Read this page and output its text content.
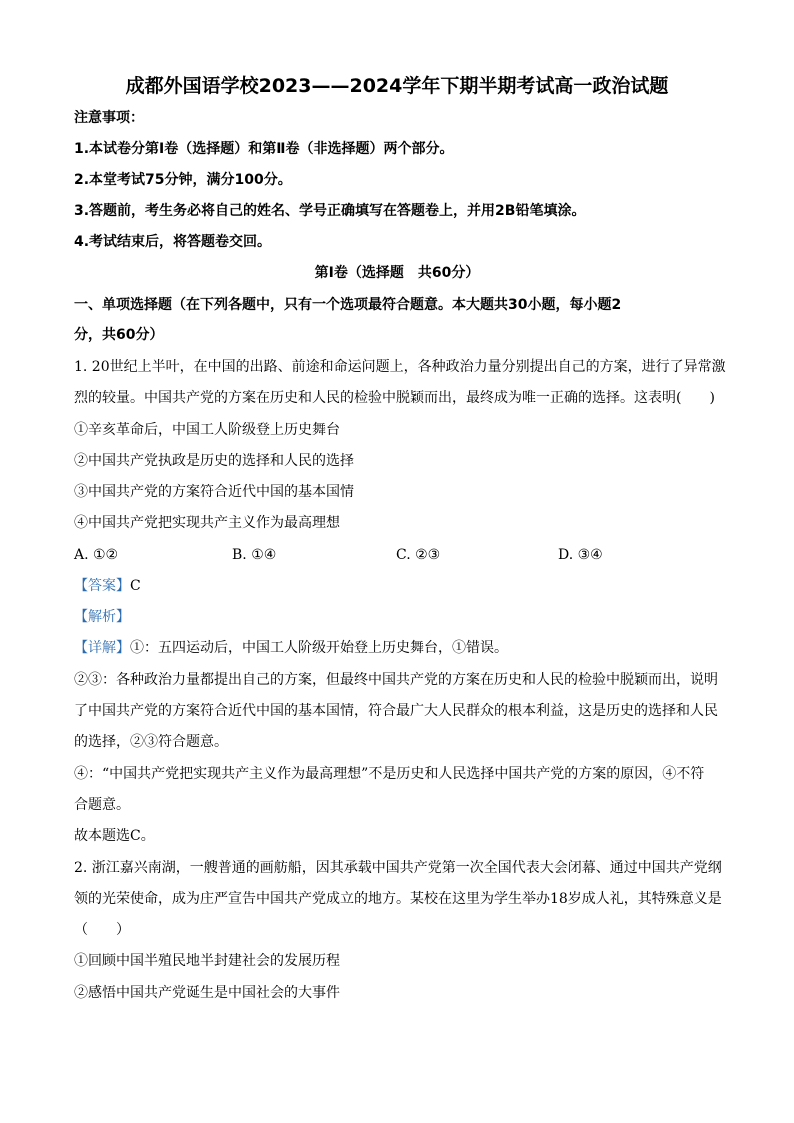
成都外国语学校2023——2024学年下期半期考试高一政治试题
注意事项：
1.本试卷分第Ⅰ卷（选择题）和第Ⅱ卷（非选择题）两个部分。
2.本堂考试75分钟，满分100分。
3.答题前，考生务必将自己的姓名、学号正确填写在答题卷上，并用2B铅笔填涂。
4.考试结束后，将答题卷交回。
第Ⅰ卷（选择题　共60分）
一、单项选择题（在下列各题中，只有一个选项最符合题意。本大题共30小题，每小题2
分，共60分）
1. 20世纪上半叶，在中国的出路、前途和命运问题上，各种政治力量分别提出自己的方案，进行了异常激
烈的较量。中国共产党的方案在历史和人民的检验中脱颖而出，最终成为唯一正确的选择。这表明(　　)
①辛亥革命后，中国工人阶级登上历史舞台
②中国共产党执政是历史的选择和人民的选择
③中国共产党的方案符合近代中国的基本国情
④中国共产党把实现共产主义作为最高理想
A. ①②	B. ①④	C. ②③	D. ③④
【答案】C
【解析】
【详解】①：五四运动后，中国工人阶级开始登上历史舞台，①错误。
②③：各种政治力量都提出自己的方案，但最终中国共产党的方案在历史和人民的检验中脱颖而出，说明
了中国共产党的方案符合近代中国的基本国情，符合最广大人民群众的根本利益，这是历史的选择和人民
的选择，②③符合题意。
④：“中国共产党把实现共产主义作为最高理想”不是历史和人民选择中国共产党的方案的原因，④不符
合题意。
故本题选C。
2. 浙江嘉兴南湖，一艘普通的画舫船，因其承载中国共产党第一次全国代表大会闭幕、通过中国共产党纲
领的光荣使命，成为庄严宣告中国共产党成立的地方。某校在这里为学生举办18岁成人礼，其特殊意义是
（　　）
①回顾中国半殖民地半封建社会的发展历程
②感悟中国共产党诞生是中国社会的大事件
